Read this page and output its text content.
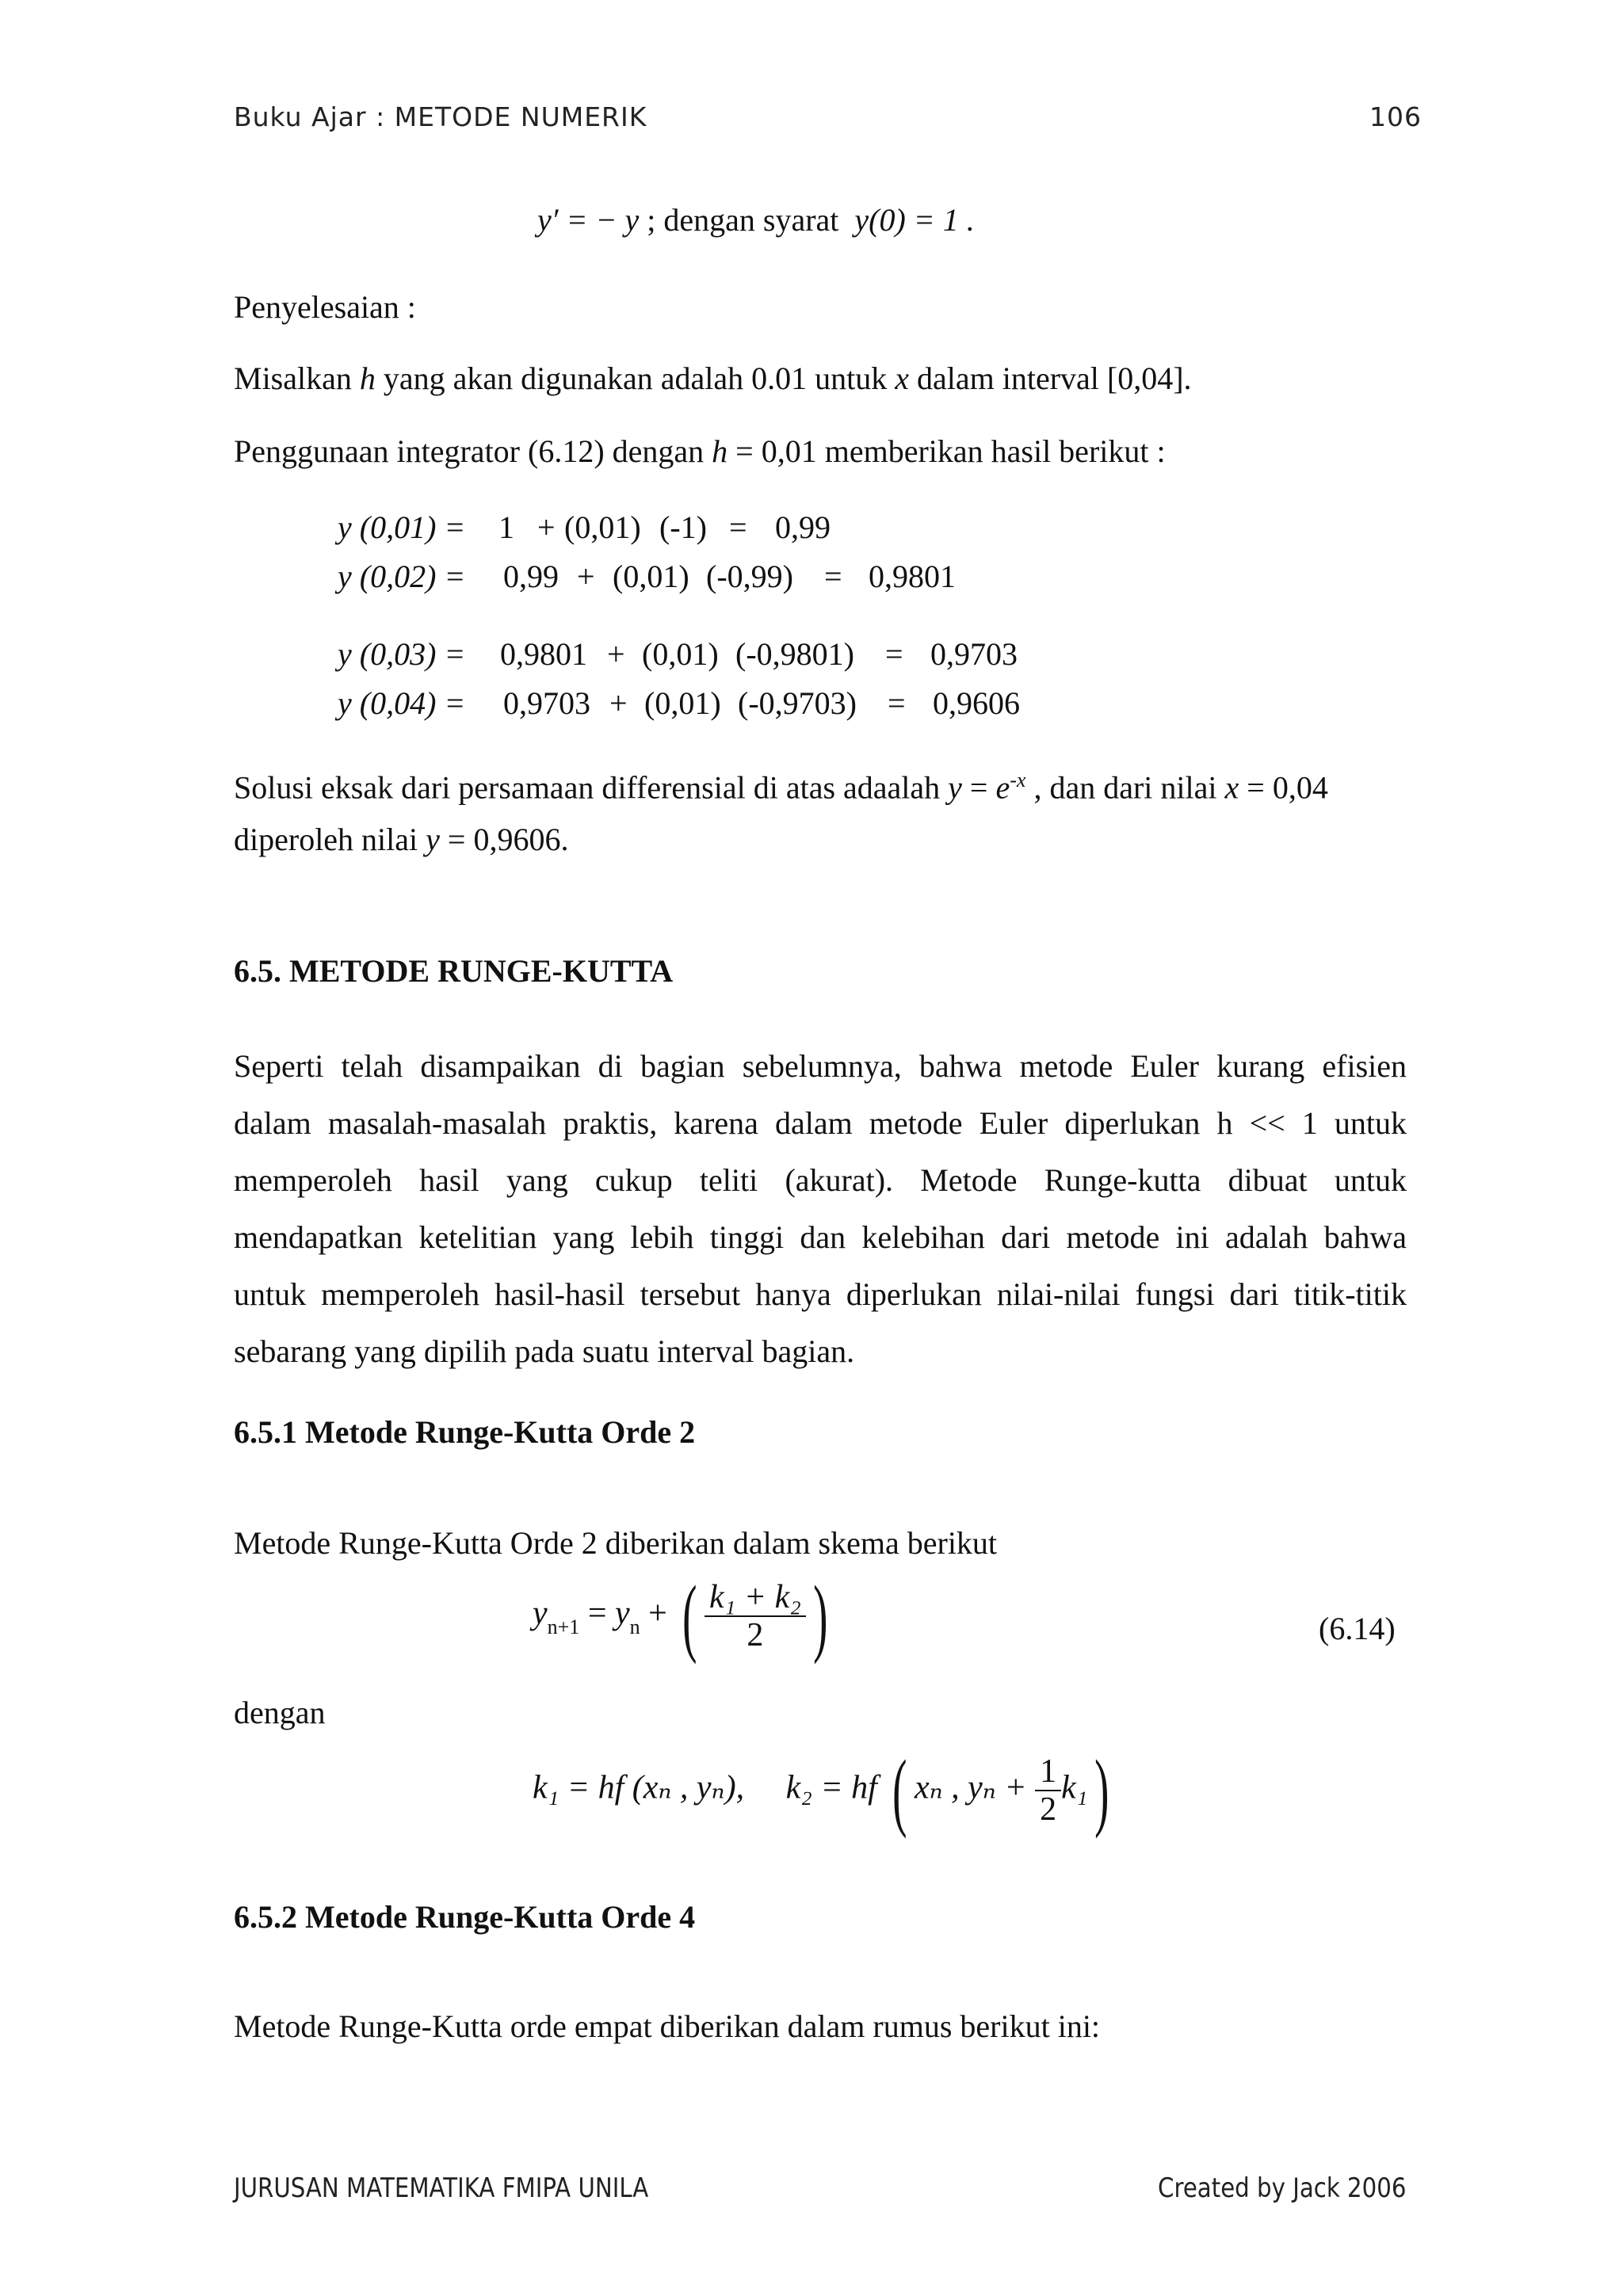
Buku Ajar : METODE NUMERIK	106
y′ = − y ; dengan syarat y(0) = 1 .
Penyelesaian :
Misalkan h yang akan digunakan adalah 0.01 untuk x dalam interval [0,04].
Penggunaan integrator (6.12) dengan h = 0,01 memberikan hasil berikut :
y (0,01) = 1 + (0,01) (-1) = 0,99
y (0,02) = 0,99 + (0,01) (-0,99) = 0,9801
y (0,03) = 0,9801 + (0,01) (-0,9801) = 0,9703
y (0,04) = 0,9703 + (0,01) (-0,9703) = 0,9606
Solusi eksak dari persamaan differensial di atas adaalah $y = e^{-x}$ , dan dari nilai x = 0,04
diperoleh nilai y = 0,9606.
6.5. METODE RUNGE-KUTTA
Seperti telah disampaikan di bagian sebelumnya, bahwa metode Euler kurang efisien
dalam masalah-masalah praktis, karena dalam metode Euler diperlukan h << 1 untuk
memperoleh hasil yang cukup teliti (akurat). Metode Runge-kutta dibuat untuk
mendapatkan ketelitian yang lebih tinggi dan kelebihan dari metode ini adalah bahwa
untuk memperoleh hasil-hasil tersebut hanya diperlukan nilai-nilai fungsi dari titik-titik
sebarang yang dipilih pada suatu interval bagian.
6.5.1 Metode Runge-Kutta Orde 2
Metode Runge-Kutta Orde 2 diberikan dalam skema berikut
$y_{n+1} = y_n$ + ( $\frac{\text{k₁ + k₂}}{2}$ )	(6.14)
dengan
k₁ = hf (xₙ , yₙ), k₂ = hf ( xₙ , $y_n + \frac{1}{2} k_1$)
6.5.2 Metode Runge-Kutta Orde 4
Metode Runge-Kutta orde empat diberikan dalam rumus berikut ini:
JURUSAN MATEMATIKA FMIPA UNILA	Created by Jack 2006
